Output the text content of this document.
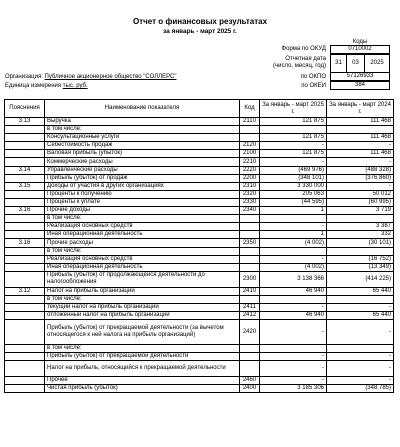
Отчет о финансовых результатах
за январь - март 2025 г.
Коды
Форма по ОКУД	0710002
Отчетная дата
(число, месяц, год)	31	03	2025
по ОКПО	57126933
по ОКЕИ	384
Организация: Публичное акционерное общество "СОЛЛЕРС"
Единица измерения тыс. руб.
Пояснения	Наименование показателя	Код	За январь - март 2025 г.	За январь - март 2024 г.
3.13	Выручка	2110	121 875	111 468
	в том числе:			
	Консультационные услуги		121 875	111 468
	Себестоимость продаж	2120	-	-
	Валовая прибыль (убыток)	2100	121 875	111 468
	Коммерческие расходы	2210	-	-
3.14	Управленческие расходы	2220	(469 976)	(488 328)
	Прибыль (убыток) от продаж	2200	(348 101)	(376 860)
3.15	Доходы от участия в других организациях	2310	3 330 000	-
	Проценты к получению	2320	205 063	50 012
	Проценты к уплате	2330	(44 595)	(60 995)
3.16	Прочие доходы	2340	1	3 719
	в том числе:			
	Реализация основных средств		-	3 387
	Иная операционная деятельность		1	332
3.16	Прочие расходы	2350	(4 002)	(30 101)
	в том числе:			
	Реализация основных средств		-	(16 752)
	Иная операционная деятельность		(4 002)	(13 349)
	Прибыль (убыток) от продолжающейся деятельности до налогообложения	2300	3 138 366	(414 225)
3.12	Налог на прибыль организаций	2410	46 940	65 440
	в том числе:			
	текущий налог на прибыль организаций	2411	-	-
	отложенный налог на прибыль организаций	2412	46 940	65 440
	Прибыль (убыток) от прекращаемой деятельности (за вычетом относящегося к ней налога на прибыль организаций)	2420	-	-
	в том числе:			
	Прибыль (убыток) от прекращаемой деятельности		-	-
	Налог на прибыль, относящийся к прекращаемой деятельности		-	-
	Прочее	2460	-	-
	Чистая прибыль (убыток)	2400	3 185 306	(348 785)
